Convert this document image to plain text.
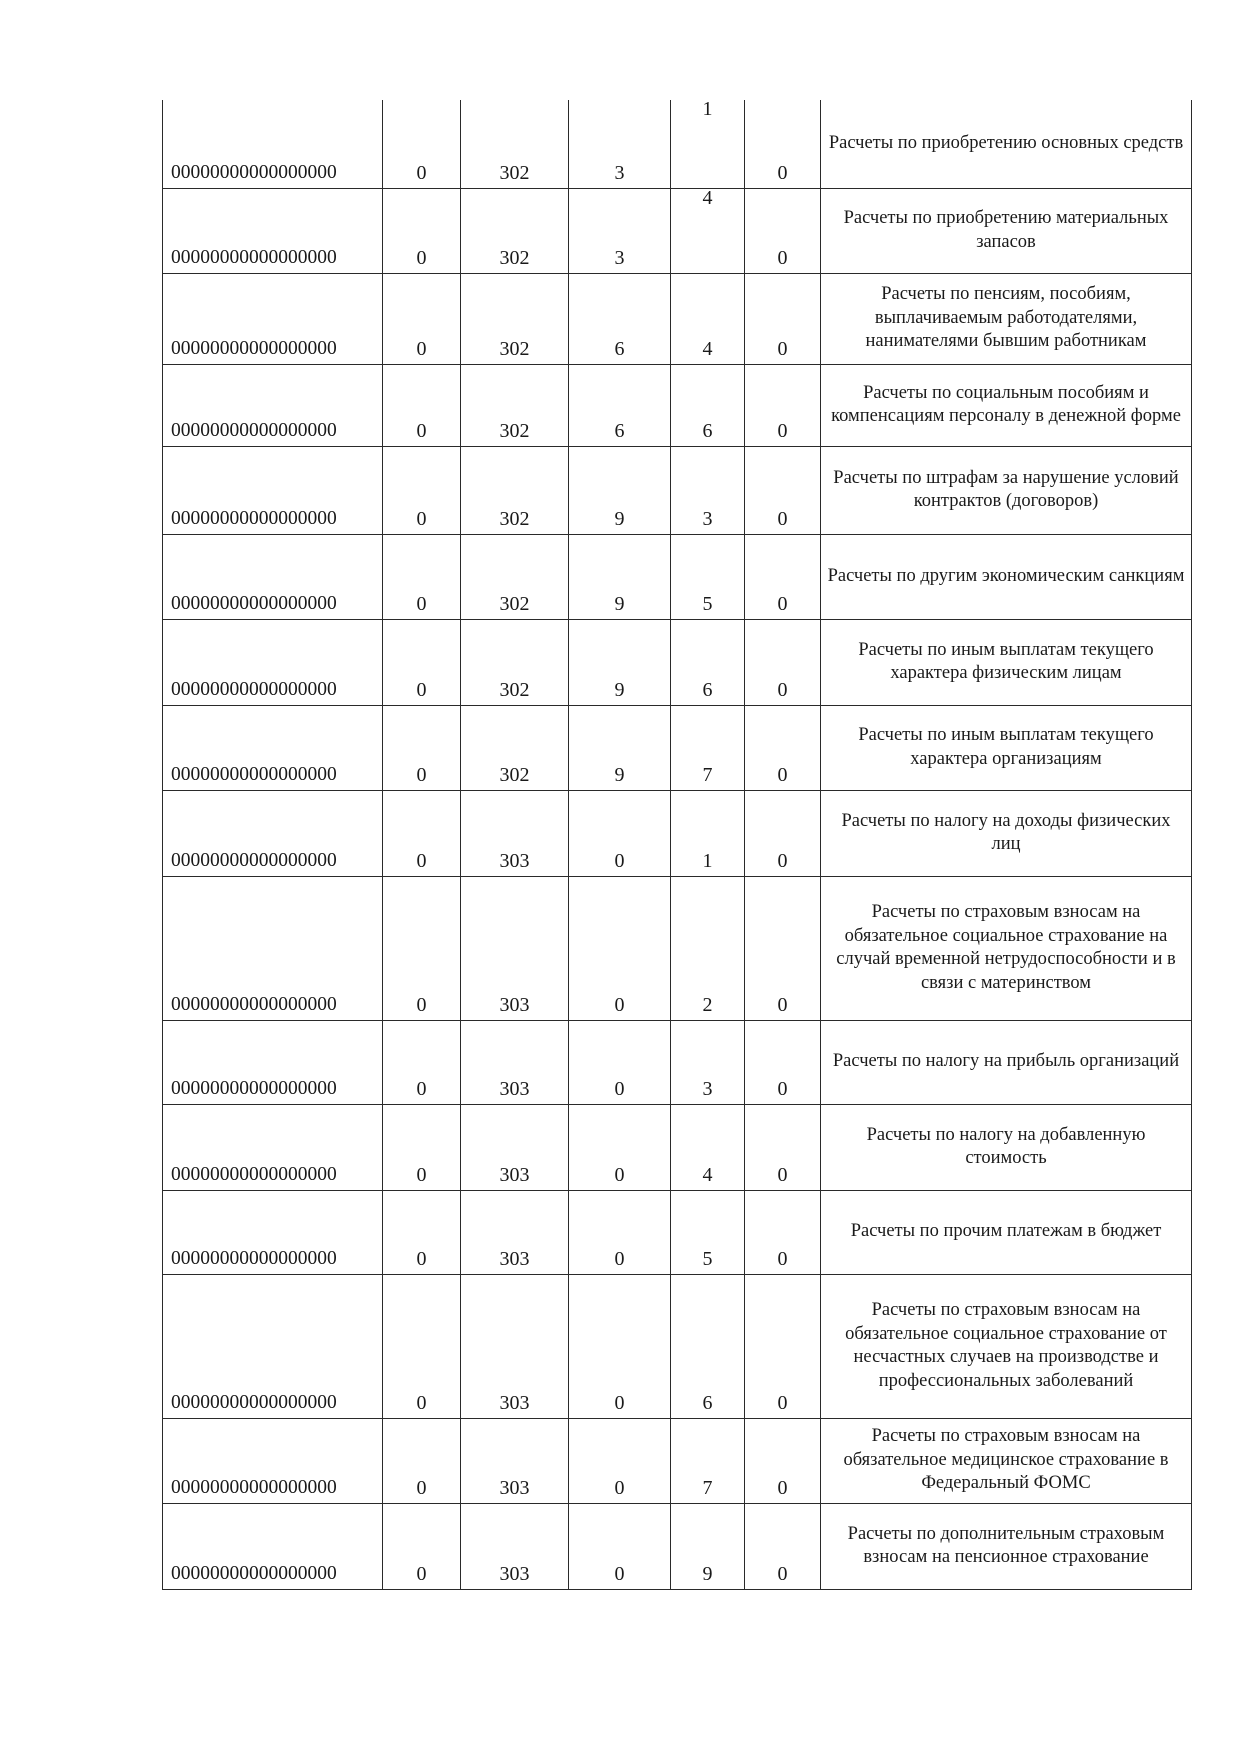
00000000000000000	0	302	3	1	0	Расчеты по приобретению основных средств
00000000000000000	0	302	3	4	0	Расчеты по приобретению материальных запасов
00000000000000000	0	302	6	4	0	Расчеты по пенсиям, пособиям, выплачиваемым работодателями, нанимателями бывшим работникам
00000000000000000	0	302	6	6	0	Расчеты по социальным пособиям и компенсациям персоналу в денежной форме
00000000000000000	0	302	9	3	0	Расчеты по штрафам за нарушение условий контрактов (договоров)
00000000000000000	0	302	9	5	0	Расчеты по другим экономическим санкциям
00000000000000000	0	302	9	6	0	Расчеты по иным выплатам текущего характера физическим лицам
00000000000000000	0	302	9	7	0	Расчеты по иным выплатам текущего характера организациям
00000000000000000	0	303	0	1	0	Расчеты по налогу на доходы физических лиц
00000000000000000	0	303	0	2	0	Расчеты по страховым взносам на обязательное социальное страхование на случай временной нетрудоспособности и в связи с материнством
00000000000000000	0	303	0	3	0	Расчеты по налогу на прибыль организаций
00000000000000000	0	303	0	4	0	Расчеты по налогу на добавленную стоимость
00000000000000000	0	303	0	5	0	Расчеты по прочим платежам в бюджет
00000000000000000	0	303	0	6	0	Расчеты по страховым взносам на обязательное социальное страхование от несчастных случаев на производстве и профессиональных заболеваний
00000000000000000	0	303	0	7	0	Расчеты по страховым взносам на обязательное медицинское страхование в Федеральный ФОМС
00000000000000000	0	303	0	9	0	Расчеты по дополнительным страховым взносам на пенсионное страхование
